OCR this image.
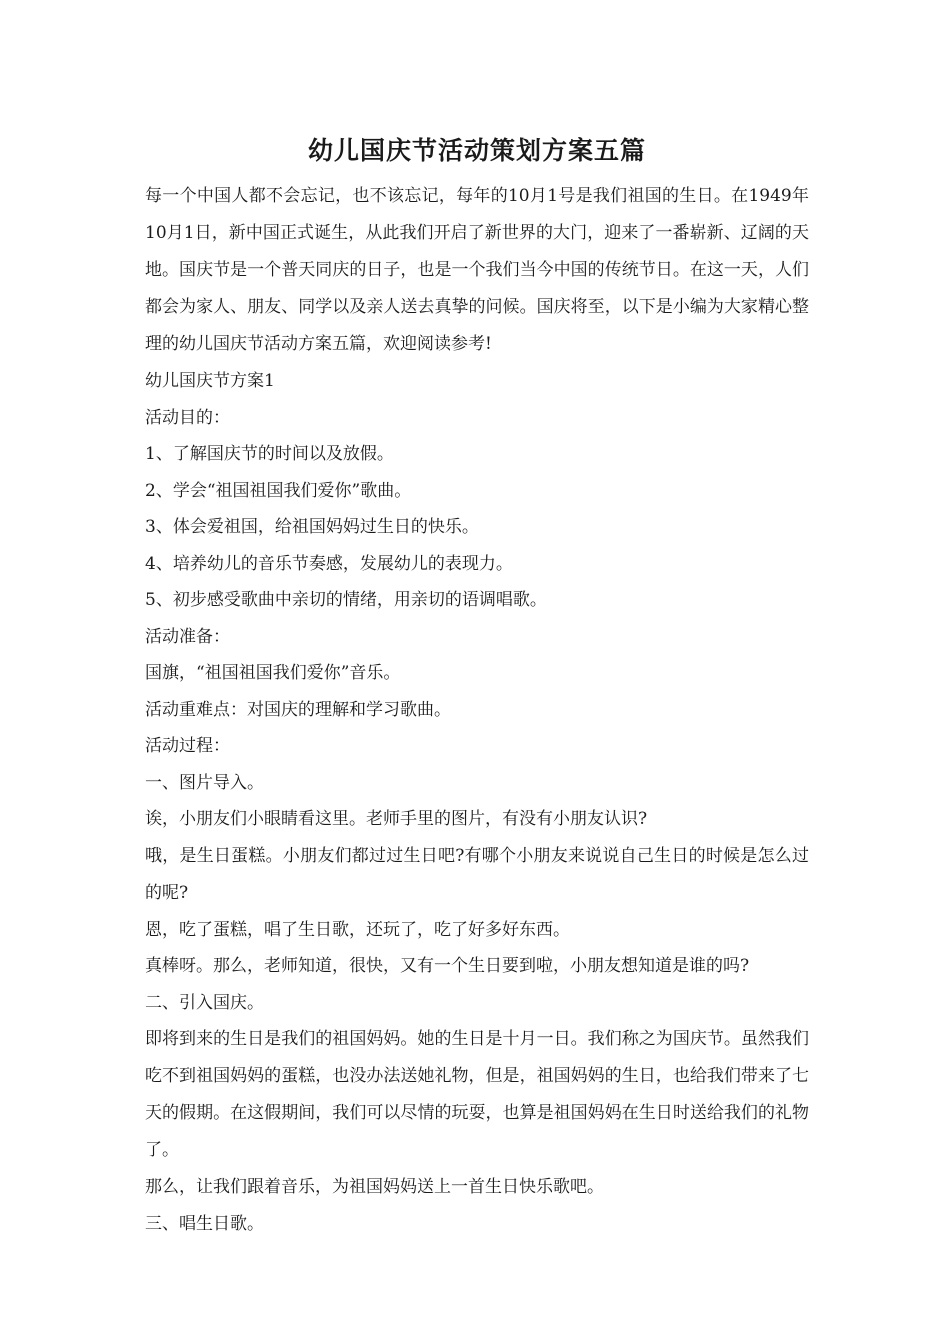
幼儿国庆节活动策划方案五篇

每一个中国人都不会忘记，也不该忘记，每年的10月1号是我们祖国的生日。在1949年10月1日，新中国正式诞生，从此我们开启了新世界的大门，迎来了一番崭新、辽阔的天地。国庆节是一个普天同庆的日子，也是一个我们当今中国的传统节日。在这一天，人们都会为家人、朋友、同学以及亲人送去真挚的问候。国庆将至，以下是小编为大家精心整理的幼儿国庆节活动方案五篇，欢迎阅读参考!

幼儿国庆节方案1
活动目的：
1、了解国庆节的时间以及放假。
2、学会“祖国祖国我们爱你”歌曲。
3、体会爱祖国，给祖国妈妈过生日的快乐。
4、培养幼儿的音乐节奏感，发展幼儿的表现力。
5、初步感受歌曲中亲切的情绪，用亲切的语调唱歌。
活动准备：
国旗，“祖国祖国我们爱你”音乐。
活动重难点：对国庆的理解和学习歌曲。
活动过程：
一、图片导入。
诶，小朋友们小眼睛看这里。老师手里的图片，有没有小朋友认识?
哦，是生日蛋糕。小朋友们都过过生日吧?有哪个小朋友来说说自己生日的时候是怎么过的呢?
恩，吃了蛋糕，唱了生日歌，还玩了，吃了好多好东西。
真棒呀。那么，老师知道，很快，又有一个生日要到啦，小朋友想知道是谁的吗?
二、引入国庆。
即将到来的生日是我们的祖国妈妈。她的生日是十月一日。我们称之为国庆节。虽然我们吃不到祖国妈妈的蛋糕，也没办法送她礼物，但是，祖国妈妈的生日，也给我们带来了七天的假期。在这假期间，我们可以尽情的玩耍，也算是祖国妈妈在生日时送给我们的礼物了。
那么，让我们跟着音乐，为祖国妈妈送上一首生日快乐歌吧。
三、唱生日歌。
